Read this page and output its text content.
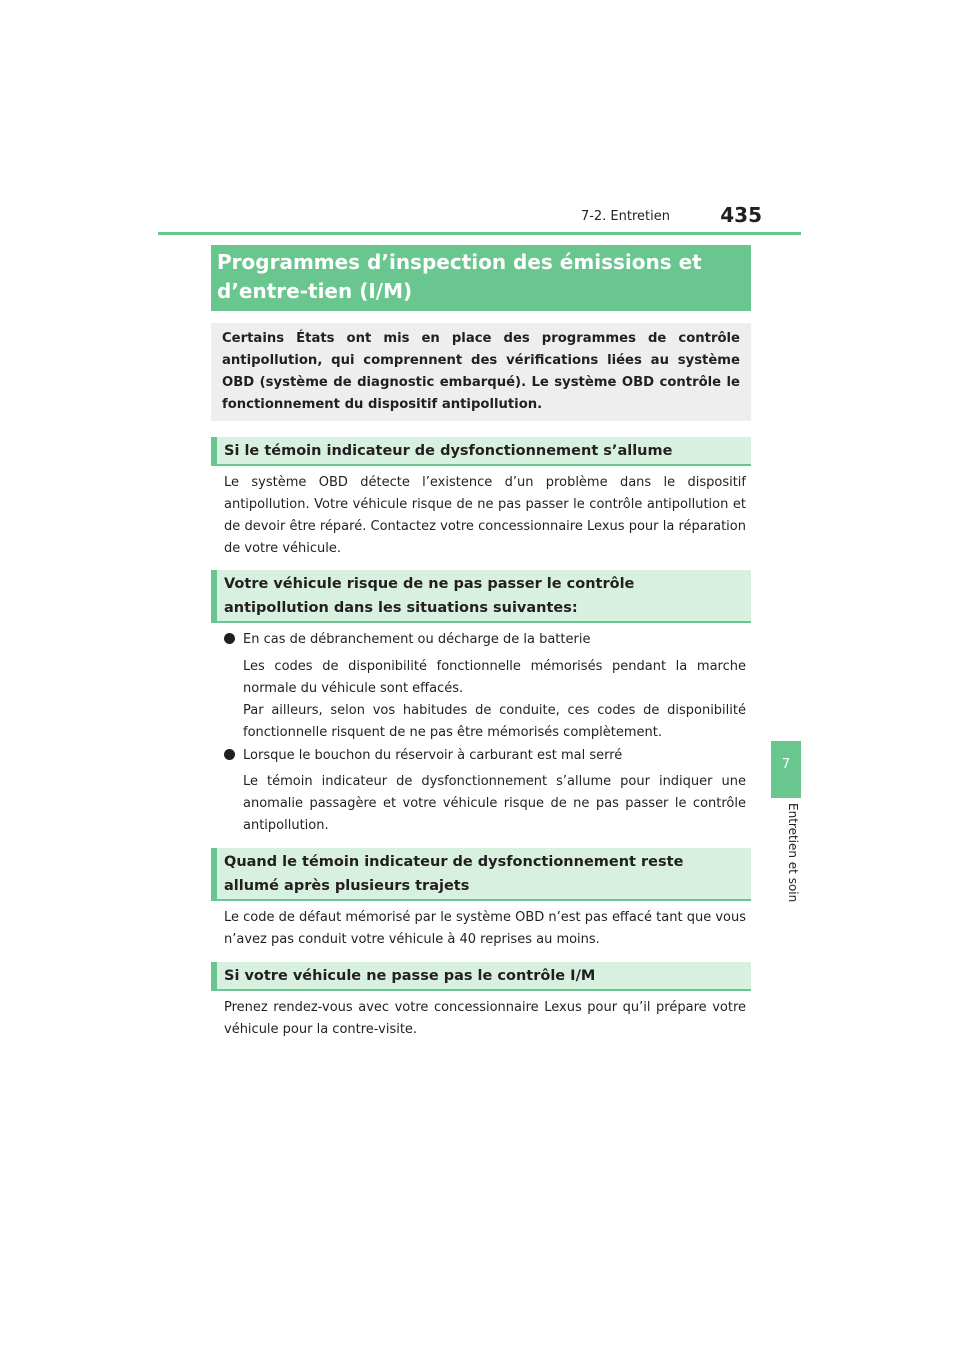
7-2. Entretien	435
7
Entretien et soin
Programmes d’inspection des émissions et d’entre-tien (I/M)
Certains États ont mis en place des programmes de contrôle antipollution, qui comprennent des vérifications liées au système OBD (système de diagnostic embarqué). Le système OBD contrôle le fonctionnement du dispositif antipollution.
Si le témoin indicateur de dysfonctionnement s’allume
Le système OBD détecte l’existence d’un problème dans le dispositif antipollution. Votre véhicule risque de ne pas passer le contrôle antipollution et de devoir être réparé. Contactez votre concessionnaire Lexus pour la réparation de votre véhicule.
Votre véhicule risque de ne pas passer le contrôle antipollution dans les situations suivantes:
En cas de débranchement ou décharge de la batterie
Les codes de disponibilité fonctionnelle mémorisés pendant la marche normale du véhicule sont effacés.
Par ailleurs, selon vos habitudes de conduite, ces codes de disponibilité fonctionnelle risquent de ne pas être mémorisés complètement.
Lorsque le bouchon du réservoir à carburant est mal serré
Le témoin indicateur de dysfonctionnement s’allume pour indiquer une anomalie passagère et votre véhicule risque de ne pas passer le contrôle antipollution.
Quand le témoin indicateur de dysfonctionnement reste allumé après plusieurs trajets
Le code de défaut mémorisé par le système OBD n’est pas effacé tant que vous n’avez pas conduit votre véhicule à 40 reprises au moins.
Si votre véhicule ne passe pas le contrôle I/M
Prenez rendez-vous avec votre concessionnaire Lexus pour qu’il prépare votre véhicule pour la contre-visite.
